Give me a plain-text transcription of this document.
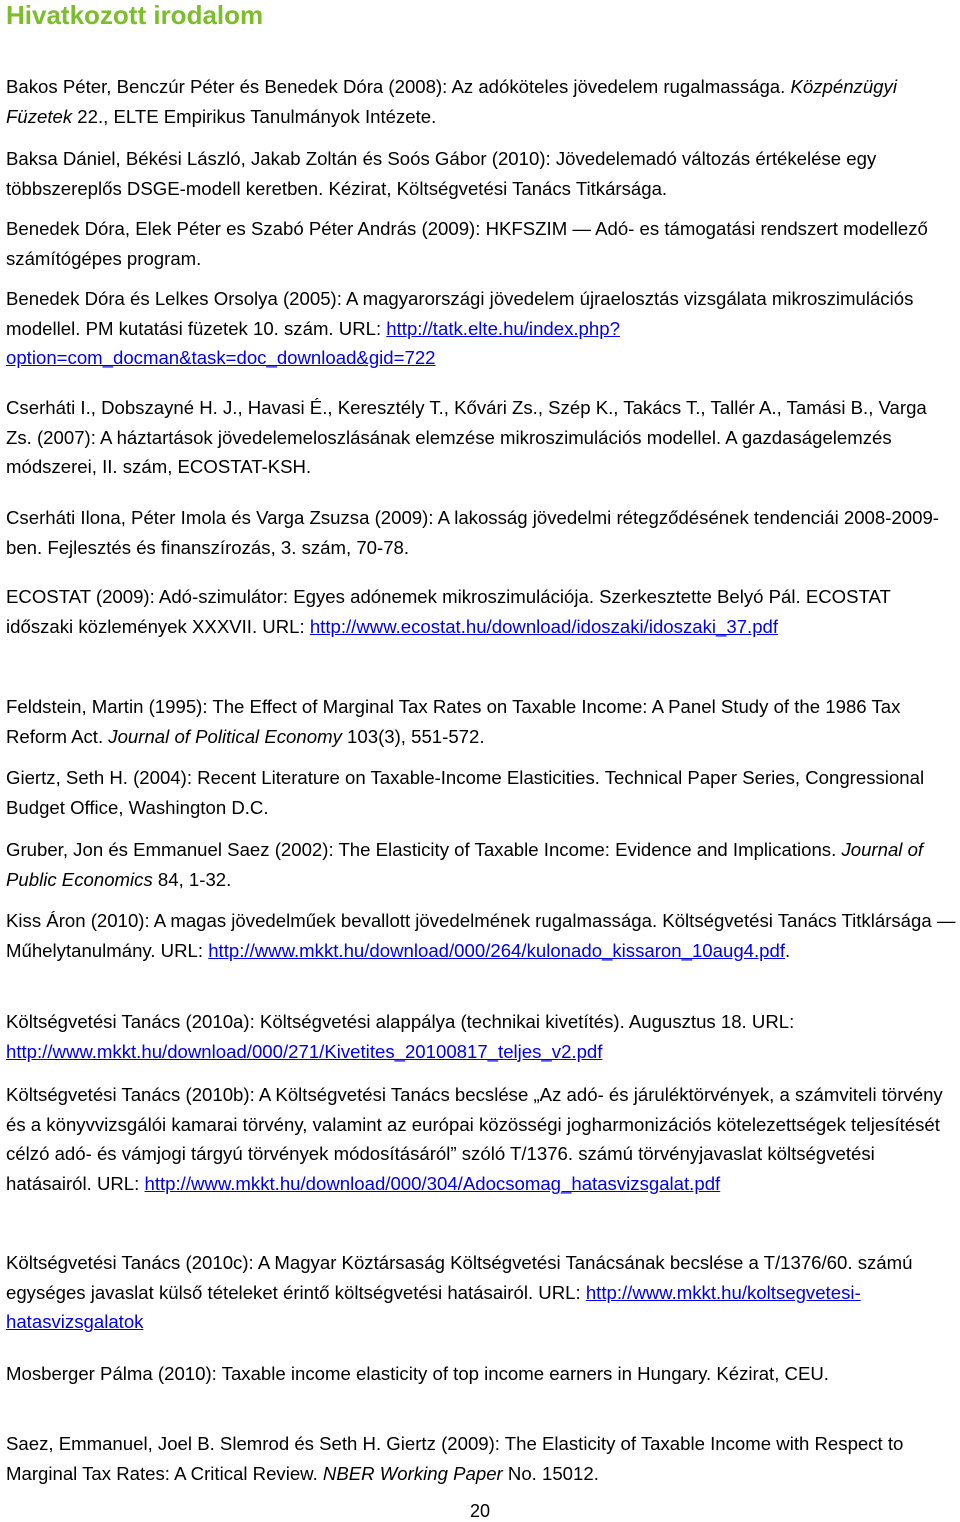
Hivatkozott irodalom

Bakos Péter, Benczúr Péter és Benedek Dóra (2008): Az adóköteles jövedelem rugalmassága. Közpénzügyi Füzetek 22., ELTE Empirikus Tanulmányok Intézete.

Baksa Dániel, Békési László, Jakab Zoltán és Soós Gábor (2010): Jövedelemadó változás értékelése egy többszereplős DSGE-modell keretben. Kézirat, Költségvetési Tanács Titkársága.

Benedek Dóra, Elek Péter es Szabó Péter András (2009): HKFSZIM ― Adó- es támogatási rendszert modellező számítógépes program.

Benedek Dóra és Lelkes Orsolya (2005): A magyarországi jövedelem újraelosztás vizsgálata mikroszimulációs modellel. PM kutatási füzetek 10. szám. URL: http://tatk.elte.hu/index.php?option=com_docman&task=doc_download&gid=722

Cserháti I., Dobszayné H. J., Havasi É., Keresztély T., Kővári Zs., Szép K., Takács T., Tallér A., Tamási B., Varga Zs. (2007): A háztartások jövedelemeloszlásának elemzése mikroszimulációs modellel. A gazdaságelemzés módszerei, II. szám, ECOSTAT-KSH.

Cserháti Ilona, Péter Imola és Varga Zsuzsa (2009): A lakosság jövedelmi rétegződésének tendenciái 2008-2009-ben. Fejlesztés és finanszírozás, 3. szám, 70-78.

ECOSTAT (2009): Adó-szimulátor: Egyes adónemek mikroszimulációja. Szerkesztette Belyó Pál. ECOSTAT időszaki közlemények XXXVII. URL: http://www.ecostat.hu/download/idoszaki/idoszaki_37.pdf

Feldstein, Martin (1995): The Effect of Marginal Tax Rates on Taxable Income: A Panel Study of the 1986 Tax Reform Act. Journal of Political Economy 103(3), 551-572.

Giertz, Seth H. (2004): Recent Literature on Taxable-Income Elasticities. Technical Paper Series, Congressional Budget Office, Washington D.C.

Gruber, Jon és Emmanuel Saez (2002): The Elasticity of Taxable Income: Evidence and Implications. Journal of Public Economics 84, 1-32.

Kiss Áron (2010): A magas jövedelműek bevallott jövedelmének rugalmassága. Költségvetési Tanács Titklársága ― Műhelytanulmány. URL: http://www.mkkt.hu/download/000/264/kulonado_kissaron_10aug4.pdf.

Költségvetési Tanács (2010a): Költségvetési alappálya (technikai kivetítés). Augusztus 18. URL: http://www.mkkt.hu/download/000/271/Kivetites_20100817_teljes_v2.pdf

Költségvetési Tanács (2010b): A Költségvetési Tanács becslése „Az adó- és járuléktörvények, a számviteli törvény és a könyvvizsgálói kamarai törvény, valamint az európai közösségi jogharmonizációs kötelezettségek teljesítését célzó adó- és vámjogi tárgyú törvények módosításáról” szóló T/1376. számú törvényjavaslat költségvetési hatásairól. URL: http://www.mkkt.hu/download/000/304/Adocsomag_hatasvizsgalat.pdf

Költségvetési Tanács (2010c): A Magyar Köztársaság Költségvetési Tanácsának becslése a T/1376/60. számú egységes javaslat külső tételeket érintő költségvetési hatásairól. URL: http://www.mkkt.hu/koltsegvetesi-hatasvizsgalatok

Mosberger Pálma (2010): Taxable income elasticity of top income earners in Hungary. Kézirat, CEU.

Saez, Emmanuel, Joel B. Slemrod és Seth H. Giertz (2009): The Elasticity of Taxable Income with Respect to Marginal Tax Rates: A Critical Review. NBER Working Paper No. 15012.

20
